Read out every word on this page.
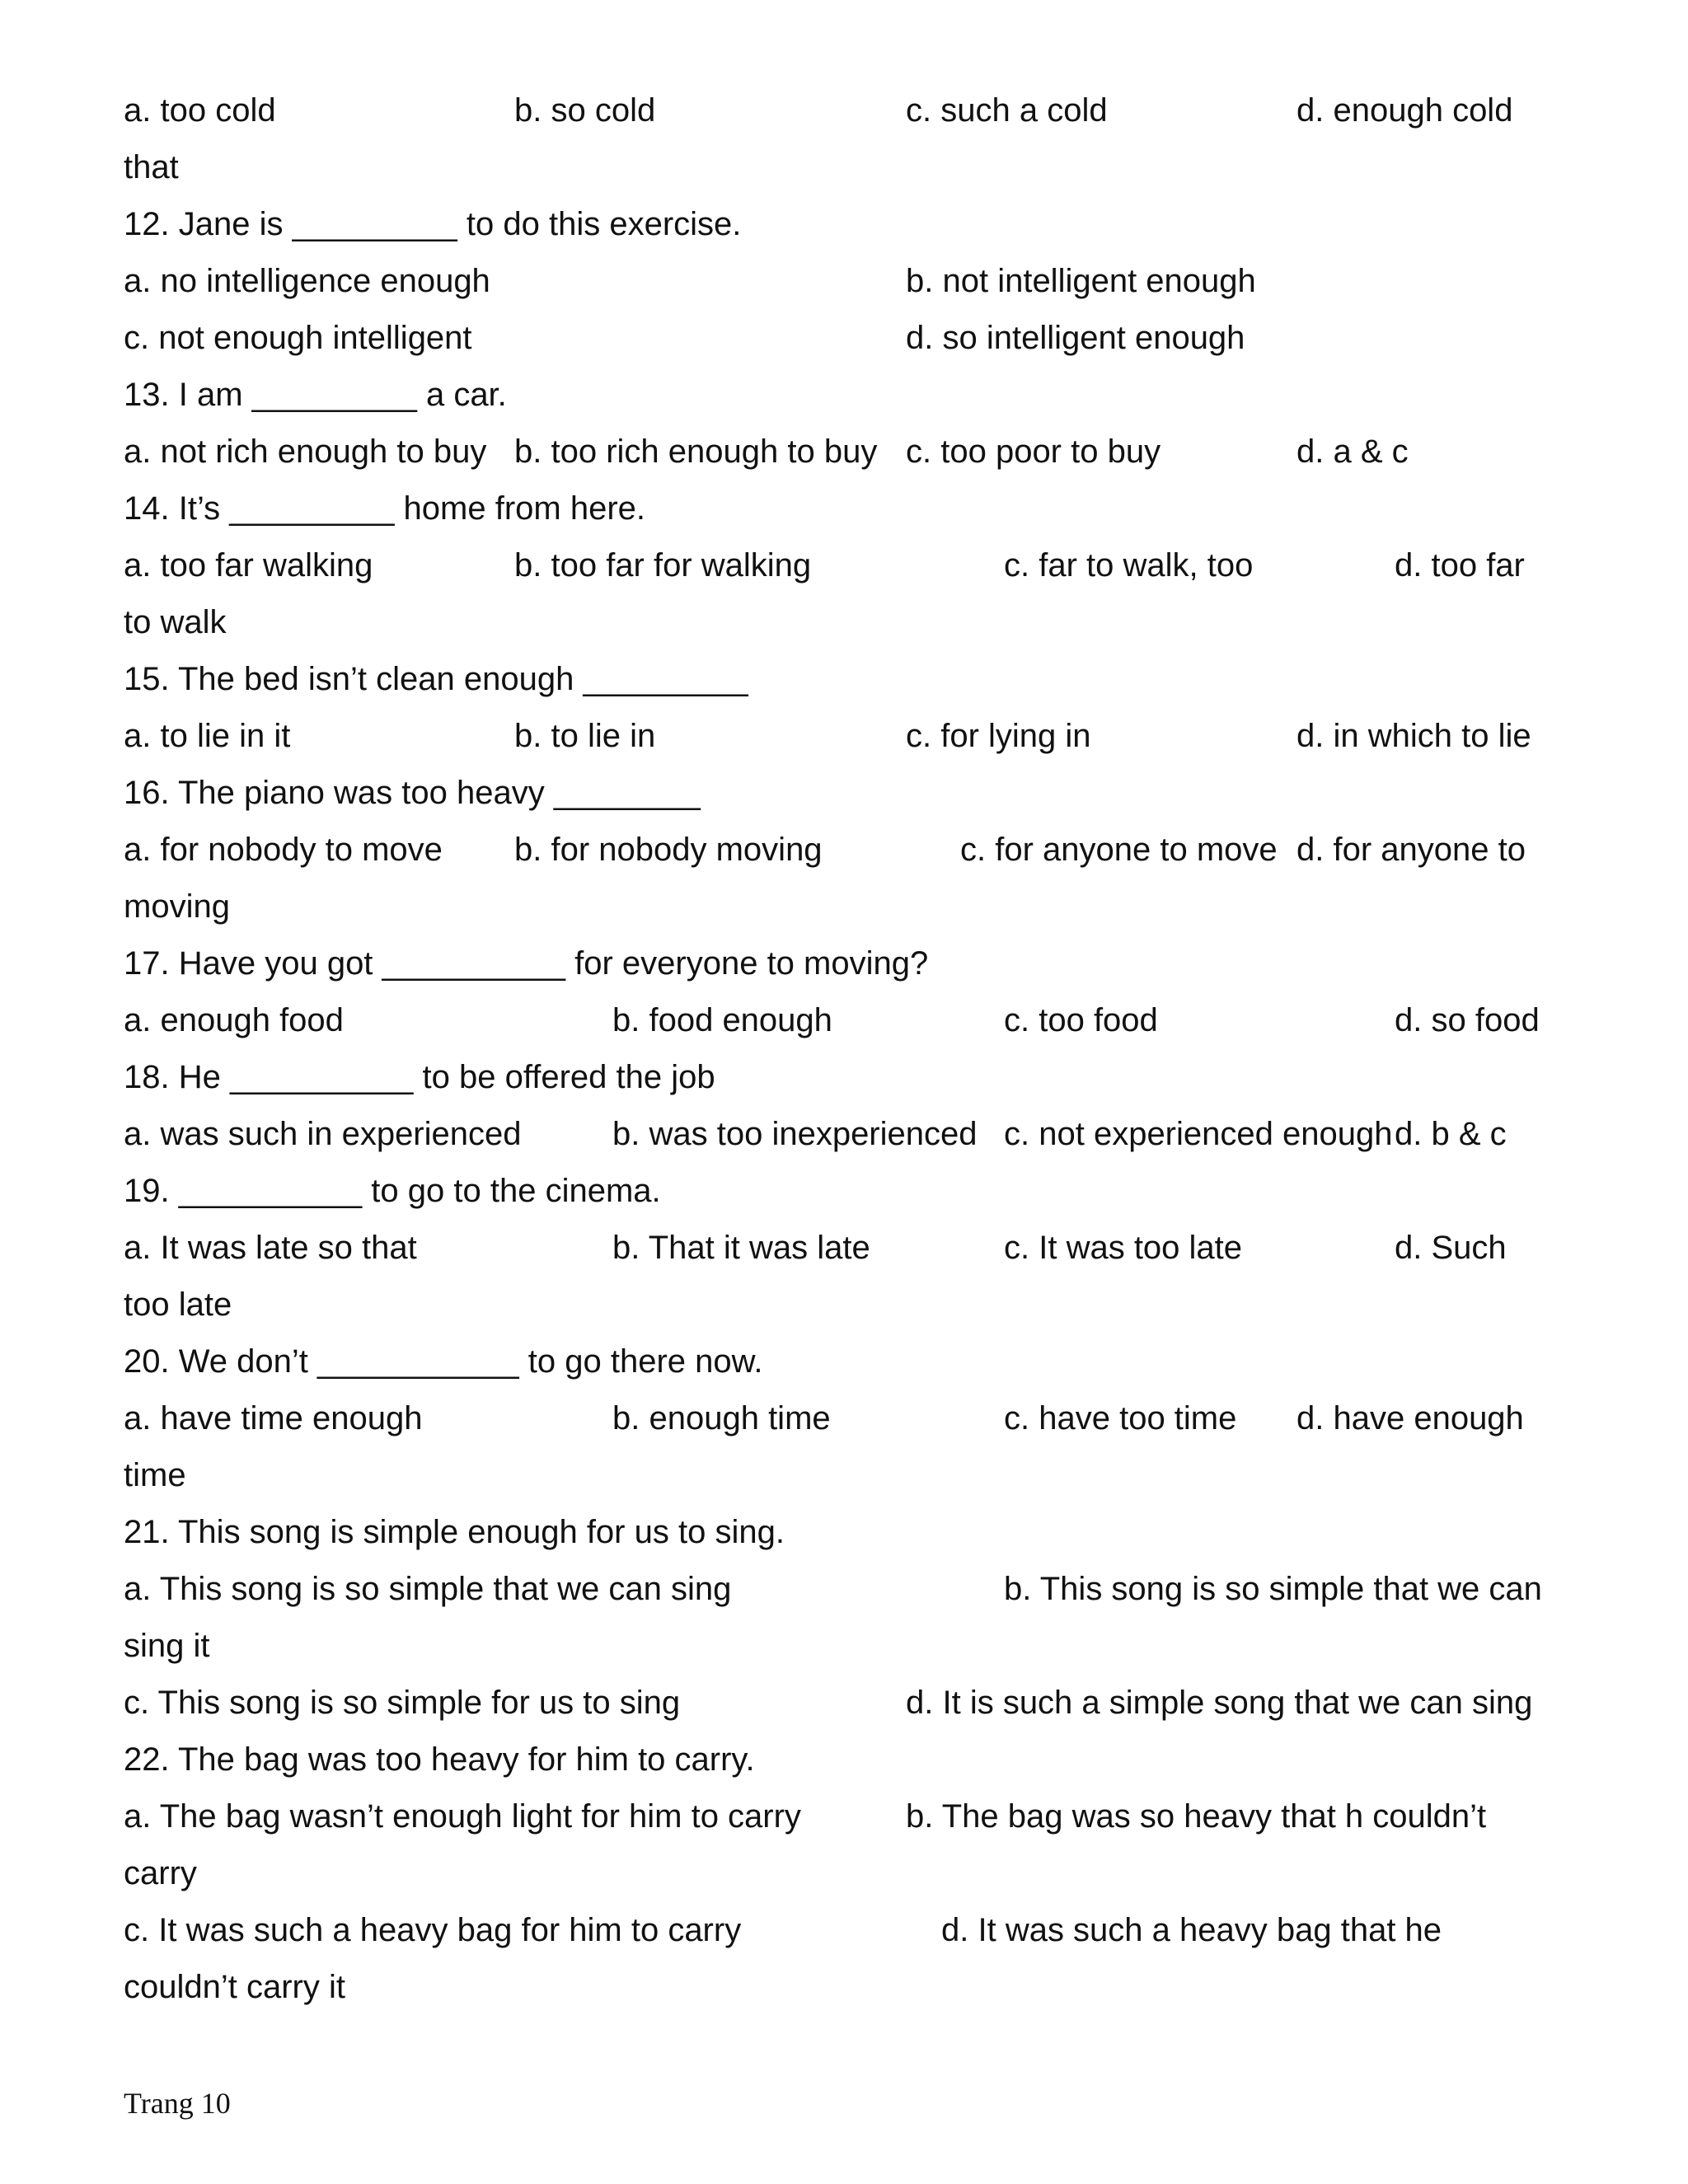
a. too cold	b. so cold	c. such a cold	d. enough cold
that
12. Jane is _________ to do this exercise.
a. no intelligence enough	b. not intelligent enough
c. not enough intelligent	d. so intelligent enough
13. I am _________ a car.
a. not rich enough to buy b. too rich enough to buy c. too poor to buy	d. a & c
14. It’s _________ home from here.
a. too far walking	b. too far for walking	c. far to walk, too	d. too far
to walk
15. The bed isn’t clean enough _________
a. to lie in it	b. to lie in	c. for lying in	d. in which to lie
16. The piano was too heavy ________
a. for nobody to move b. for nobody moving	c. for anyone to move d. for anyone to
moving
17. Have you got __________ for everyone to moving?
a. enough food	b. food enough	c. too food	d. so food
18. He __________ to be offered the job
a. was such in experienced	b. was too inexperienced c. not experienced enough d. b & c
19. __________ to go to the cinema.
a. It was late so that	b. That it was late	c. It was too late	d. Such
too late
20. We don’t ___________ to go there now.
a. have time enough	b. enough time	c. have too time d. have enough
time
21. This song is simple enough for us to sing.
a. This song is so simple that we can sing	b. This song is so simple that we can
sing it
c. This song is so simple for us to sing	d. It is such a simple song that we can sing
22. The bag was too heavy for him to carry.
a. The bag wasn’t enough light for him to carry	b. The bag was so heavy that h couldn’t
carry
c. It was such a heavy bag for him to carry	d. It was such a heavy bag that he
couldn’t carry it
Trang 10
